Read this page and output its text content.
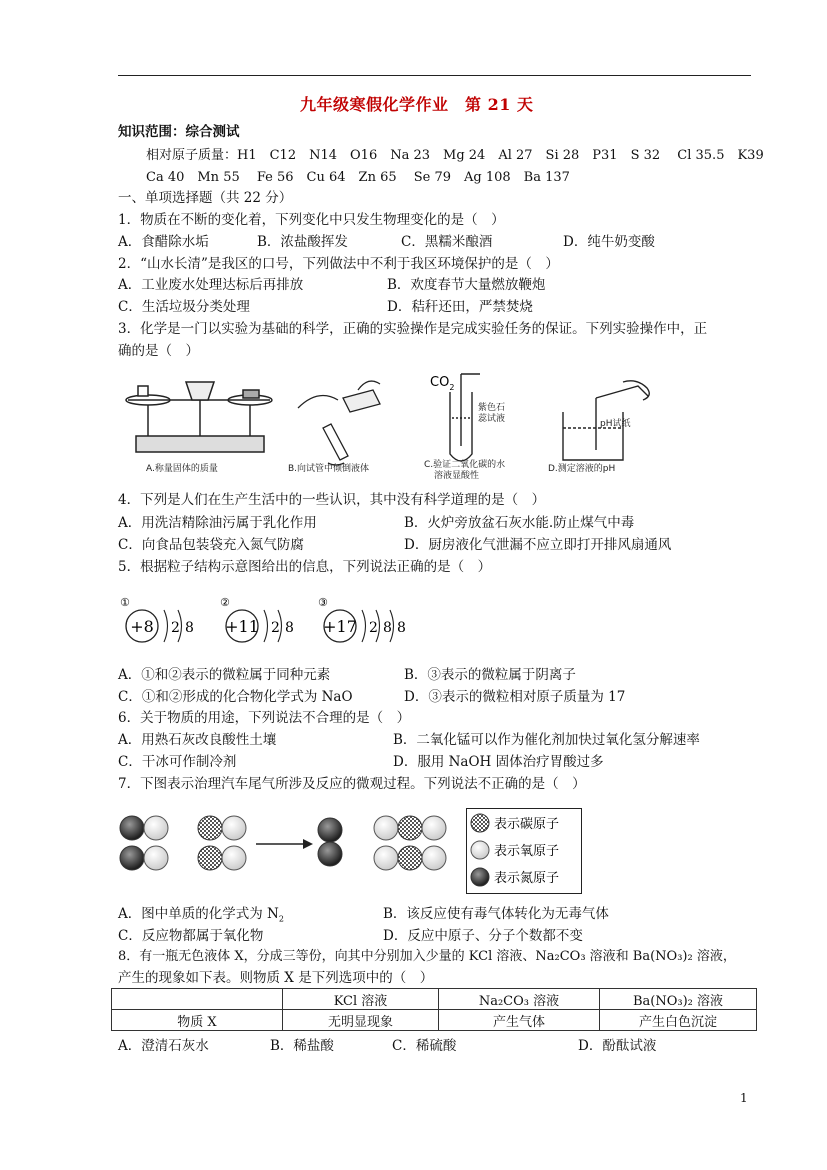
九年级寒假化学作业　第 21 天
知识范围：综合测试
相对原子质量：H1　C12　N14　O16　Na 23　Mg 24　Al 27　Si 28　P31　S 32　 Cl 35.5　K39
Ca 40　Mn 55　 Fe 56　Cu 64　Zn 65　 Se 79　Ag 108　Ba 137
一、单项选择题（共 22 分）
1．物质在不断的变化着，下列变化中只发生物理变化的是（　）
A．食醋除水垢	B．浓盐酸挥发	C．黑糯米酿酒	D．纯牛奶变酸
2．“山水长清”是我区的口号，下列做法中不利于我区环境保护的是（　）
A．工业废水处理达标后再排放	B．欢度春节大量燃放鞭炮
C．生活垃圾分类处理	D．秸秆还田，严禁焚烧
3．化学是一门以实验为基础的科学，正确的实验操作是完成实验任务的保证。下列实验操作中，正
确的是（　）
A.称量固体的质量	B.向试管中倾倒液体
$CO_2$
紫色石
蕊试液
C.验证二氧化碳的水
溶液显酸性
pH试纸
D.测定溶液的pH
4．下列是人们在生产生活中的一些认识，其中没有科学道理的是（　）
A．用洗洁精除油污属于乳化作用	B．火炉旁放盆石灰水能.防止煤气中毒
C．向食品包装袋充入氮气防腐	D．厨房液化气泄漏不应立即打开排风扇通风
5．根据粒子结构示意图给出的信息，下列说法正确的是（　）
①
+8 2 8
②
+11 2 8
③
+17 2 8 8
A．①和②表示的微粒属于同种元素	B．③表示的微粒属于阴离子
C．①和②形成的化合物化学式为 NaO	D．③表示的微粒相对原子质量为 17
6．关于物质的用途，下列说法不合理的是（　）
A．用熟石灰改良酸性土壤	B．二氧化锰可以作为催化剂加快过氧化氢分解速率
C．干冰可作制冷剂	D．服用 NaOH 固体治疗胃酸过多
7．下图表示治理汽车尾气所涉及反应的微观过程。下列说法不正确的是（　）
表示碳原子
表示氧原子
表示氮原子
A．图中单质的化学式为 $N_2$	B．该反应使有毒气体转化为无毒气体
C．反应物都属于氧化物	D．反应中原子、分子个数都不变
8．有一瓶无色液体 X，分成三等份，向其中分别加入少量的 KCl 溶液、Na₂CO₃ 溶液和 Ba(NO₃)₂ 溶液，
产生的现象如下表。则物质 X 是下列选项中的（　）
	KCl 溶液	Na₂CO₃ 溶液	Ba(NO₃)₂ 溶液
物质 X	无明显现象	产生气体	产生白色沉淀
A．澄清石灰水	B．稀盐酸	C．稀硫酸	D．酚酞试液
1
